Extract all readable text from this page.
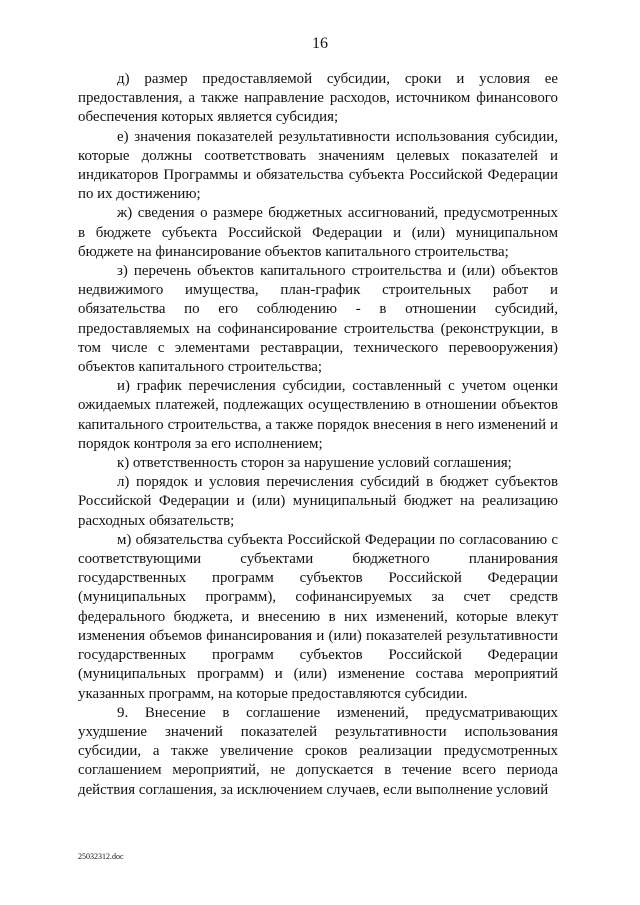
16

д) размер предоставляемой субсидии, сроки и условия ее предоставления, а также направление расходов, источником финансового обеспечения которых является субсидия;

е) значения показателей результативности использования субсидии, которые должны соответствовать значениям целевых показателей и индикаторов Программы и обязательства субъекта Российской Федерации по их достижению;

ж) сведения о размере бюджетных ассигнований, предусмотренных в бюджете субъекта Российской Федерации и (или) муниципальном бюджете на финансирование объектов капитального строительства;

з) перечень объектов капитального строительства и (или) объектов недвижимого имущества, план-график строительных работ и обязательства по его соблюдению - в отношении субсидий, предоставляемых на софинансирование строительства (реконструкции, в том числе с элементами реставрации, технического перевооружения) объектов капитального строительства;

и) график перечисления субсидии, составленный с учетом оценки ожидаемых платежей, подлежащих осуществлению в отношении объектов капитального строительства, а также порядок внесения в него изменений и порядок контроля за его исполнением;

к) ответственность сторон за нарушение условий соглашения;

л) порядок и условия перечисления субсидий в бюджет субъектов Российской Федерации и (или) муниципальный бюджет на реализацию расходных обязательств;

м) обязательства субъекта Российской Федерации по согласованию с соответствующими субъектами бюджетного планирования государственных программ субъектов Российской Федерации (муниципальных программ), софинансируемых за счет средств федерального бюджета, и внесению в них изменений, которые влекут изменения объемов финансирования и (или) показателей результативности государственных программ субъектов Российской Федерации (муниципальных программ) и (или) изменение состава мероприятий указанных программ, на которые предоставляются субсидии.

9. Внесение в соглашение изменений, предусматривающих ухудшение значений показателей результативности использования субсидии, а также увеличение сроков реализации предусмотренных соглашением мероприятий, не допускается в течение всего периода действия соглашения, за исключением случаев, если выполнение условий

25032312.doc
